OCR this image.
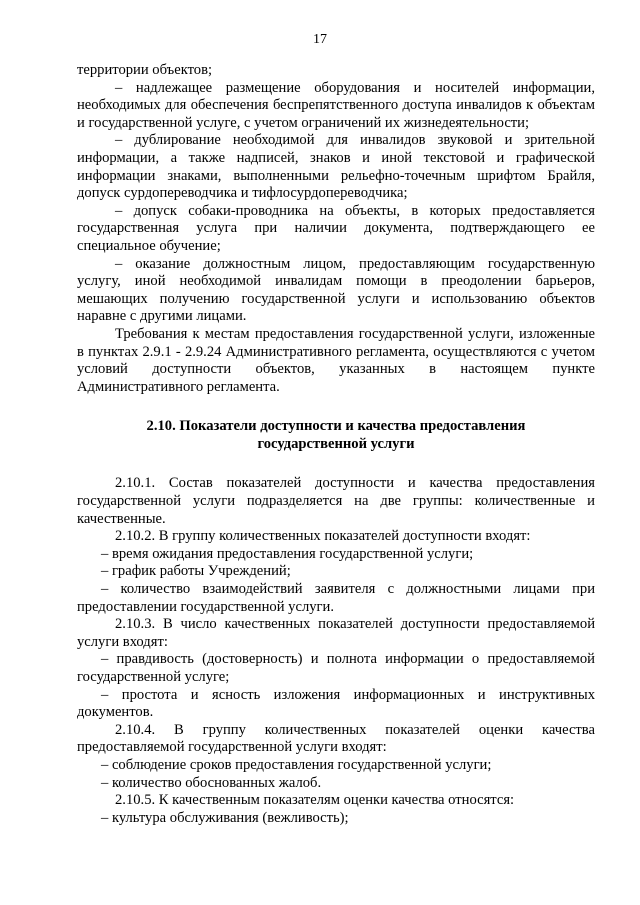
17

территории объектов;

– надлежащее размещение оборудования и носителей информации, необходимых для обеспечения беспрепятственного доступа инвалидов к объектам и государственной услуге, с учетом ограничений их жизнедеятельности;

– дублирование необходимой для инвалидов звуковой и зрительной информации, а также надписей, знаков и иной текстовой и графической информации знаками, выполненными рельефно-точечным шрифтом Брайля, допуск сурдопереводчика и тифлосурдопереводчика;

– допуск собаки-проводника на объекты, в которых предоставляется государственная услуга при наличии документа, подтверждающего ее специальное обучение;

– оказание должностным лицом, предоставляющим государственную услугу, иной необходимой инвалидам помощи в преодолении барьеров, мешающих получению государственной услуги и использованию объектов наравне с другими лицами.

Требования к местам предоставления государственной услуги, изложенные в пунктах 2.9.1 - 2.9.24 Административного регламента, осуществляются с учетом условий доступности объектов, указанных в настоящем пункте Административного регламента.

2.10. Показатели доступности и качества предоставления
государственной услуги

2.10.1. Состав показателей доступности и качества предоставления государственной услуги подразделяется на две группы: количественные и качественные.

2.10.2. В группу количественных показателей доступности входят:

– время ожидания предоставления государственной услуги;

– график работы Учреждений;

– количество взаимодействий заявителя с должностными лицами при предоставлении государственной услуги.

2.10.3. В число качественных показателей доступности предоставляемой услуги входят:

– правдивость (достоверность) и полнота информации о предоставляемой государственной услуге;

– простота и ясность изложения информационных и инструктивных документов.

2.10.4. В группу количественных показателей оценки качества предоставляемой государственной услуги входят:

– соблюдение сроков предоставления государственной услуги;

– количество обоснованных жалоб.

2.10.5. К качественным показателям оценки качества относятся:

– культура обслуживания (вежливость);
